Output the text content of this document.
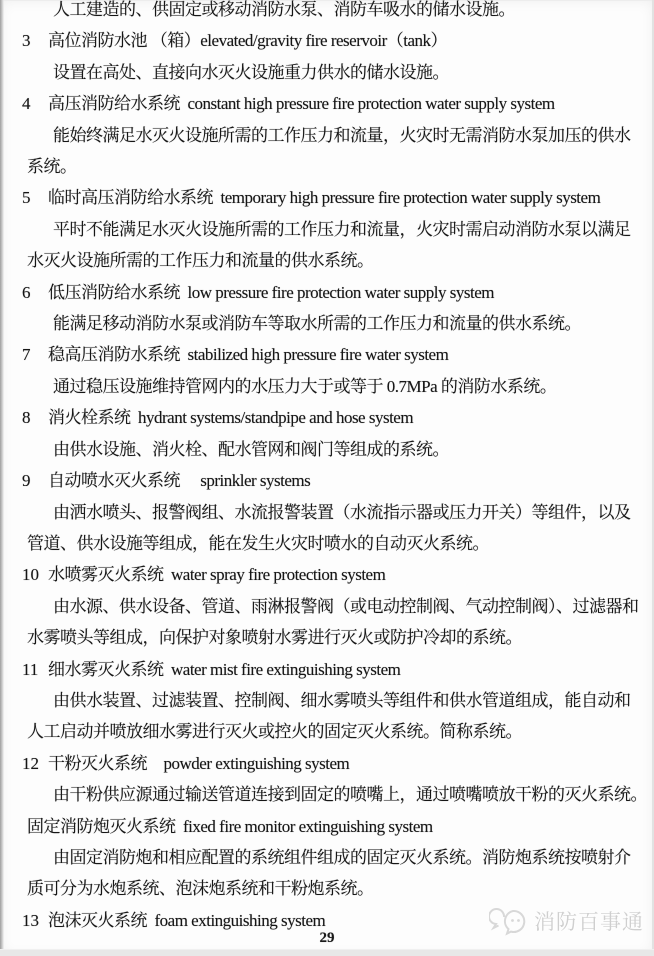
人工建造的、供固定或移动消防水泵、消防车吸水的储水设施。
3 高位消防水池 （箱）elevated/gravity fire reservoir（tank）
设置在高处、直接向水灭火设施重力供水的储水设施。
4 高压消防给水系统  constant high pressure fire protection water supply system
能始终满足水灭火设施所需的工作压力和流量，火灾时无需消防水泵加压的供水
系统。
5 临时高压消防给水系统  temporary high pressure fire protection water supply system
平时不能满足水灭火设施所需的工作压力和流量，火灾时需启动消防水泵以满足
水灭火设施所需的工作压力和流量的供水系统。
6 低压消防给水系统  low pressure fire protection water supply system
能满足移动消防水泵或消防车等取水所需的工作压力和流量的供水系统。
7 稳高压消防水系统  stabilized high pressure fire water system
通过稳压设施维持管网内的水压力大于或等于 0.7MPa 的消防水系统。
8 消火栓系统  hydrant systems/standpipe and hose system
由供水设施、消火栓、配水管网和阀门等组成的系统。
9 自动喷水灭火系统　 sprinkler systems
由洒水喷头、报警阀组、水流报警装置（水流指示器或压力开关）等组件，以及
管道、供水设施等组成，能在发生火灾时喷水的自动灭火系统。
10 水喷雾灭火系统  water spray fire protection system
由水源、供水设备、管道、雨淋报警阀（或电动控制阀、气动控制阀）、过滤器和
水雾喷头等组成，向保护对象喷射水雾进行灭火或防护冷却的系统。
11 细水雾灭火系统  water mist fire extinguishing system
由供水装置、过滤装置、控制阀、细水雾喷头等组件和供水管道组成，能自动和
人工启动并喷放细水雾进行灭火或控火的固定灭火系统。简称系统。
12 干粉灭火系统　powder extinguishing system
由干粉供应源通过输送管道连接到固定的喷嘴上，通过喷嘴喷放干粉的灭火系统。
固定消防炮灭火系统  fixed fire monitor extinguishing system
由固定消防炮和相应配置的系统组件组成的固定灭火系统。消防炮系统按喷射介
质可分为水炮系统、泡沫炮系统和干粉炮系统。
13 泡沫灭火系统  foam extinguishing system	消防百事通
29
